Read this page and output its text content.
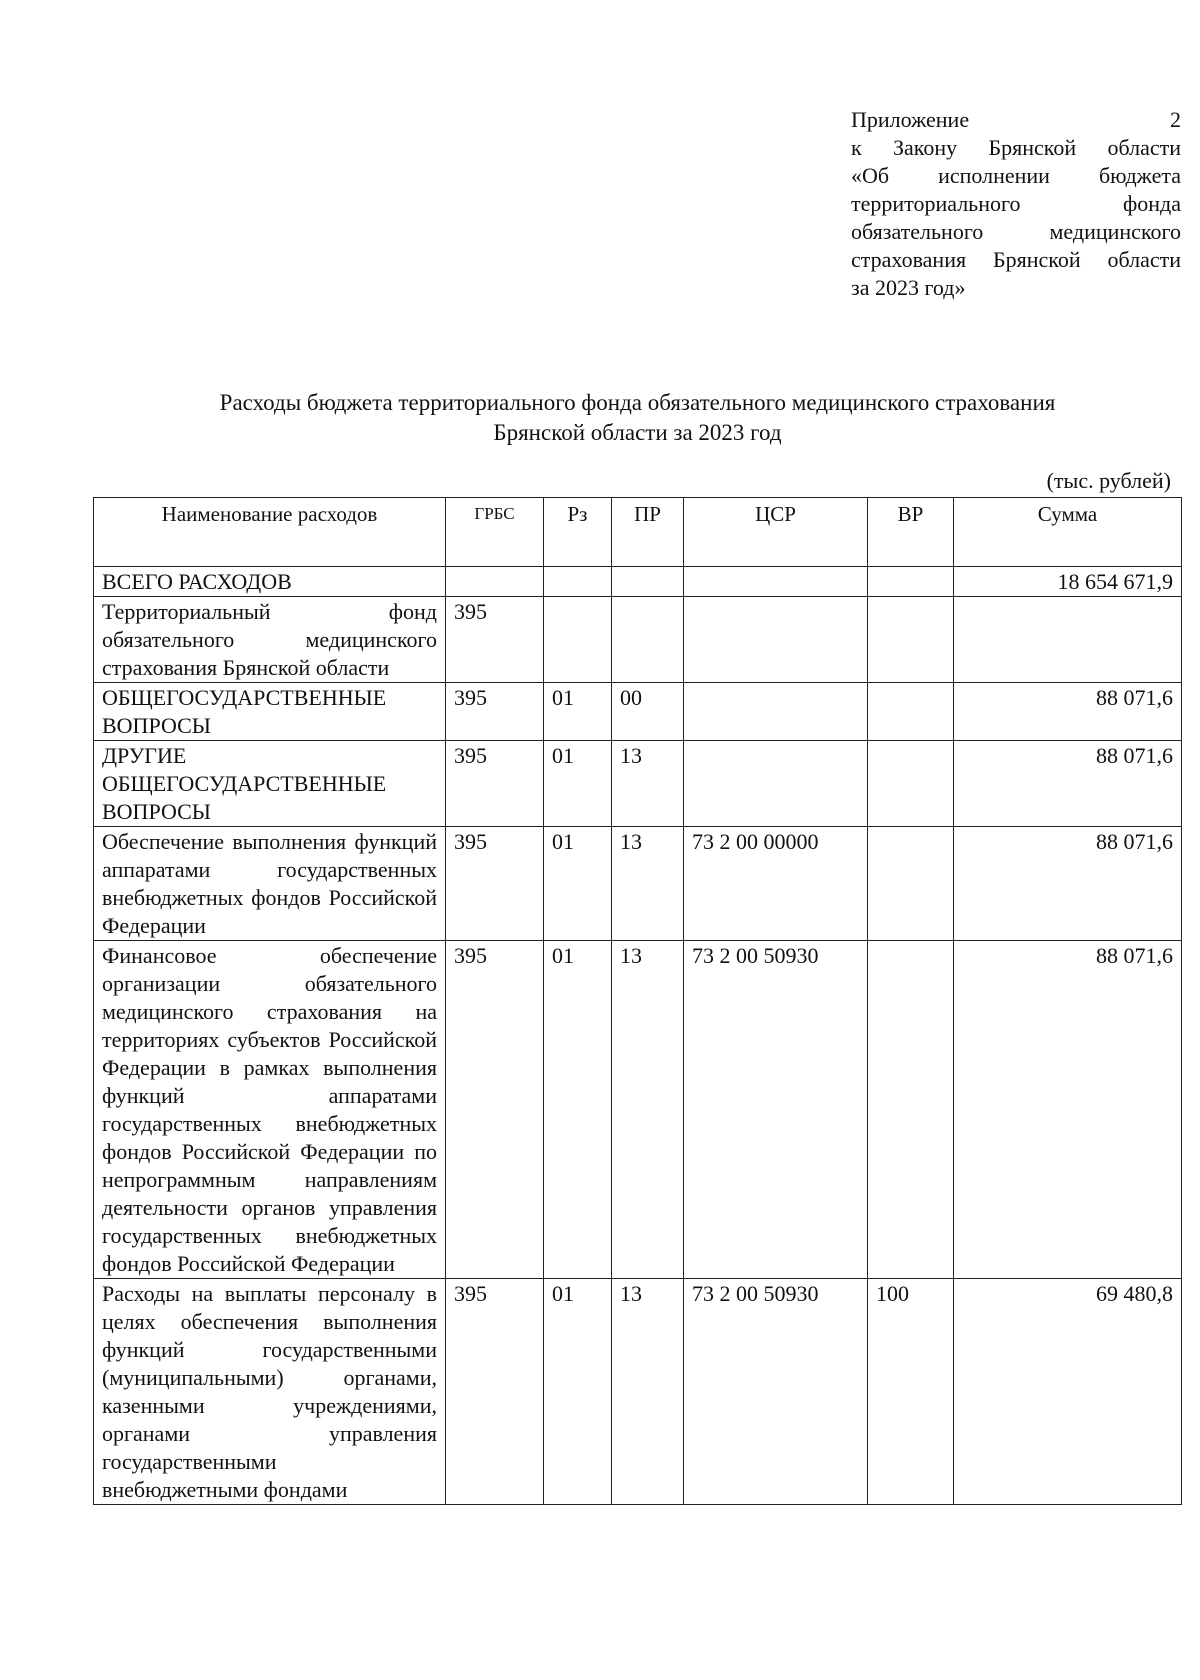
Приложение 2
к Закону Брянской области
«Об исполнении бюджета
территориального фонда
обязательного медицинского
страхования Брянской области
за 2023 год»
Расходы бюджета территориального фонда обязательного медицинского страхования
Брянской области за 2023 год
(тыс. рублей)
Наименование расходов	ГРБС	Рз	ПР	ЦСР	ВР	Сумма
ВСЕГО РАСХОДОВ						18 654 671,9
Территориальный фонд обязательного медицинского страхования Брянской области	395					
ОБЩЕГОСУДАРСТВЕННЫЕ ВОПРОСЫ	395	01	00			88 071,6
ДРУГИЕ ОБЩЕГОСУДАРСТВЕННЫЕ ВОПРОСЫ	395	01	13			88 071,6
Обеспечение выполнения функций аппаратами государственных внебюджетных фондов Российской Федерации	395	01	13	73 2 00 00000		88 071,6
Финансовое обеспечение организации обязательного медицинского страхования на территориях субъектов Российской Федерации в рамках выполнения функций аппаратами государственных внебюджетных фондов Российской Федерации по непрограммным направлениям деятельности органов управления государственных внебюджетных фондов Российской Федерации	395	01	13	73 2 00 50930		88 071,6
Расходы на выплаты персоналу в целях обеспечения выполнения функций государственными (муниципальными) органами, казенными учреждениями, органами управления государственными внебюджетными фондами	395	01	13	73 2 00 50930	100	69 480,8
